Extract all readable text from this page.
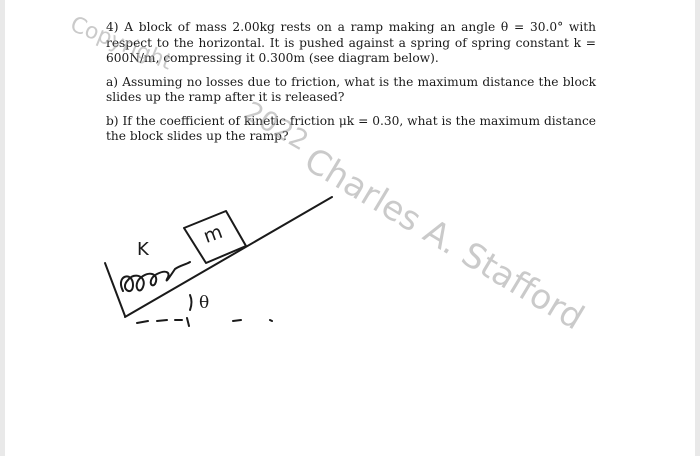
4) A block of mass 2.00kg rests on a ramp making an angle θ = 30.0° with respect to the horizontal. It is pushed against a spring of spring constant k = 600N/m, compressing it 0.300m (see diagram below).

a) Assuming no losses due to friction, what is the maximum distance the block slides up the ramp after it is released?

b) If the coefficient of kinetic friction μk = 0.30, what is the maximum distance the block slides up the ramp?

K
m
θ
Copyright
2022
Charles A. Stafford
